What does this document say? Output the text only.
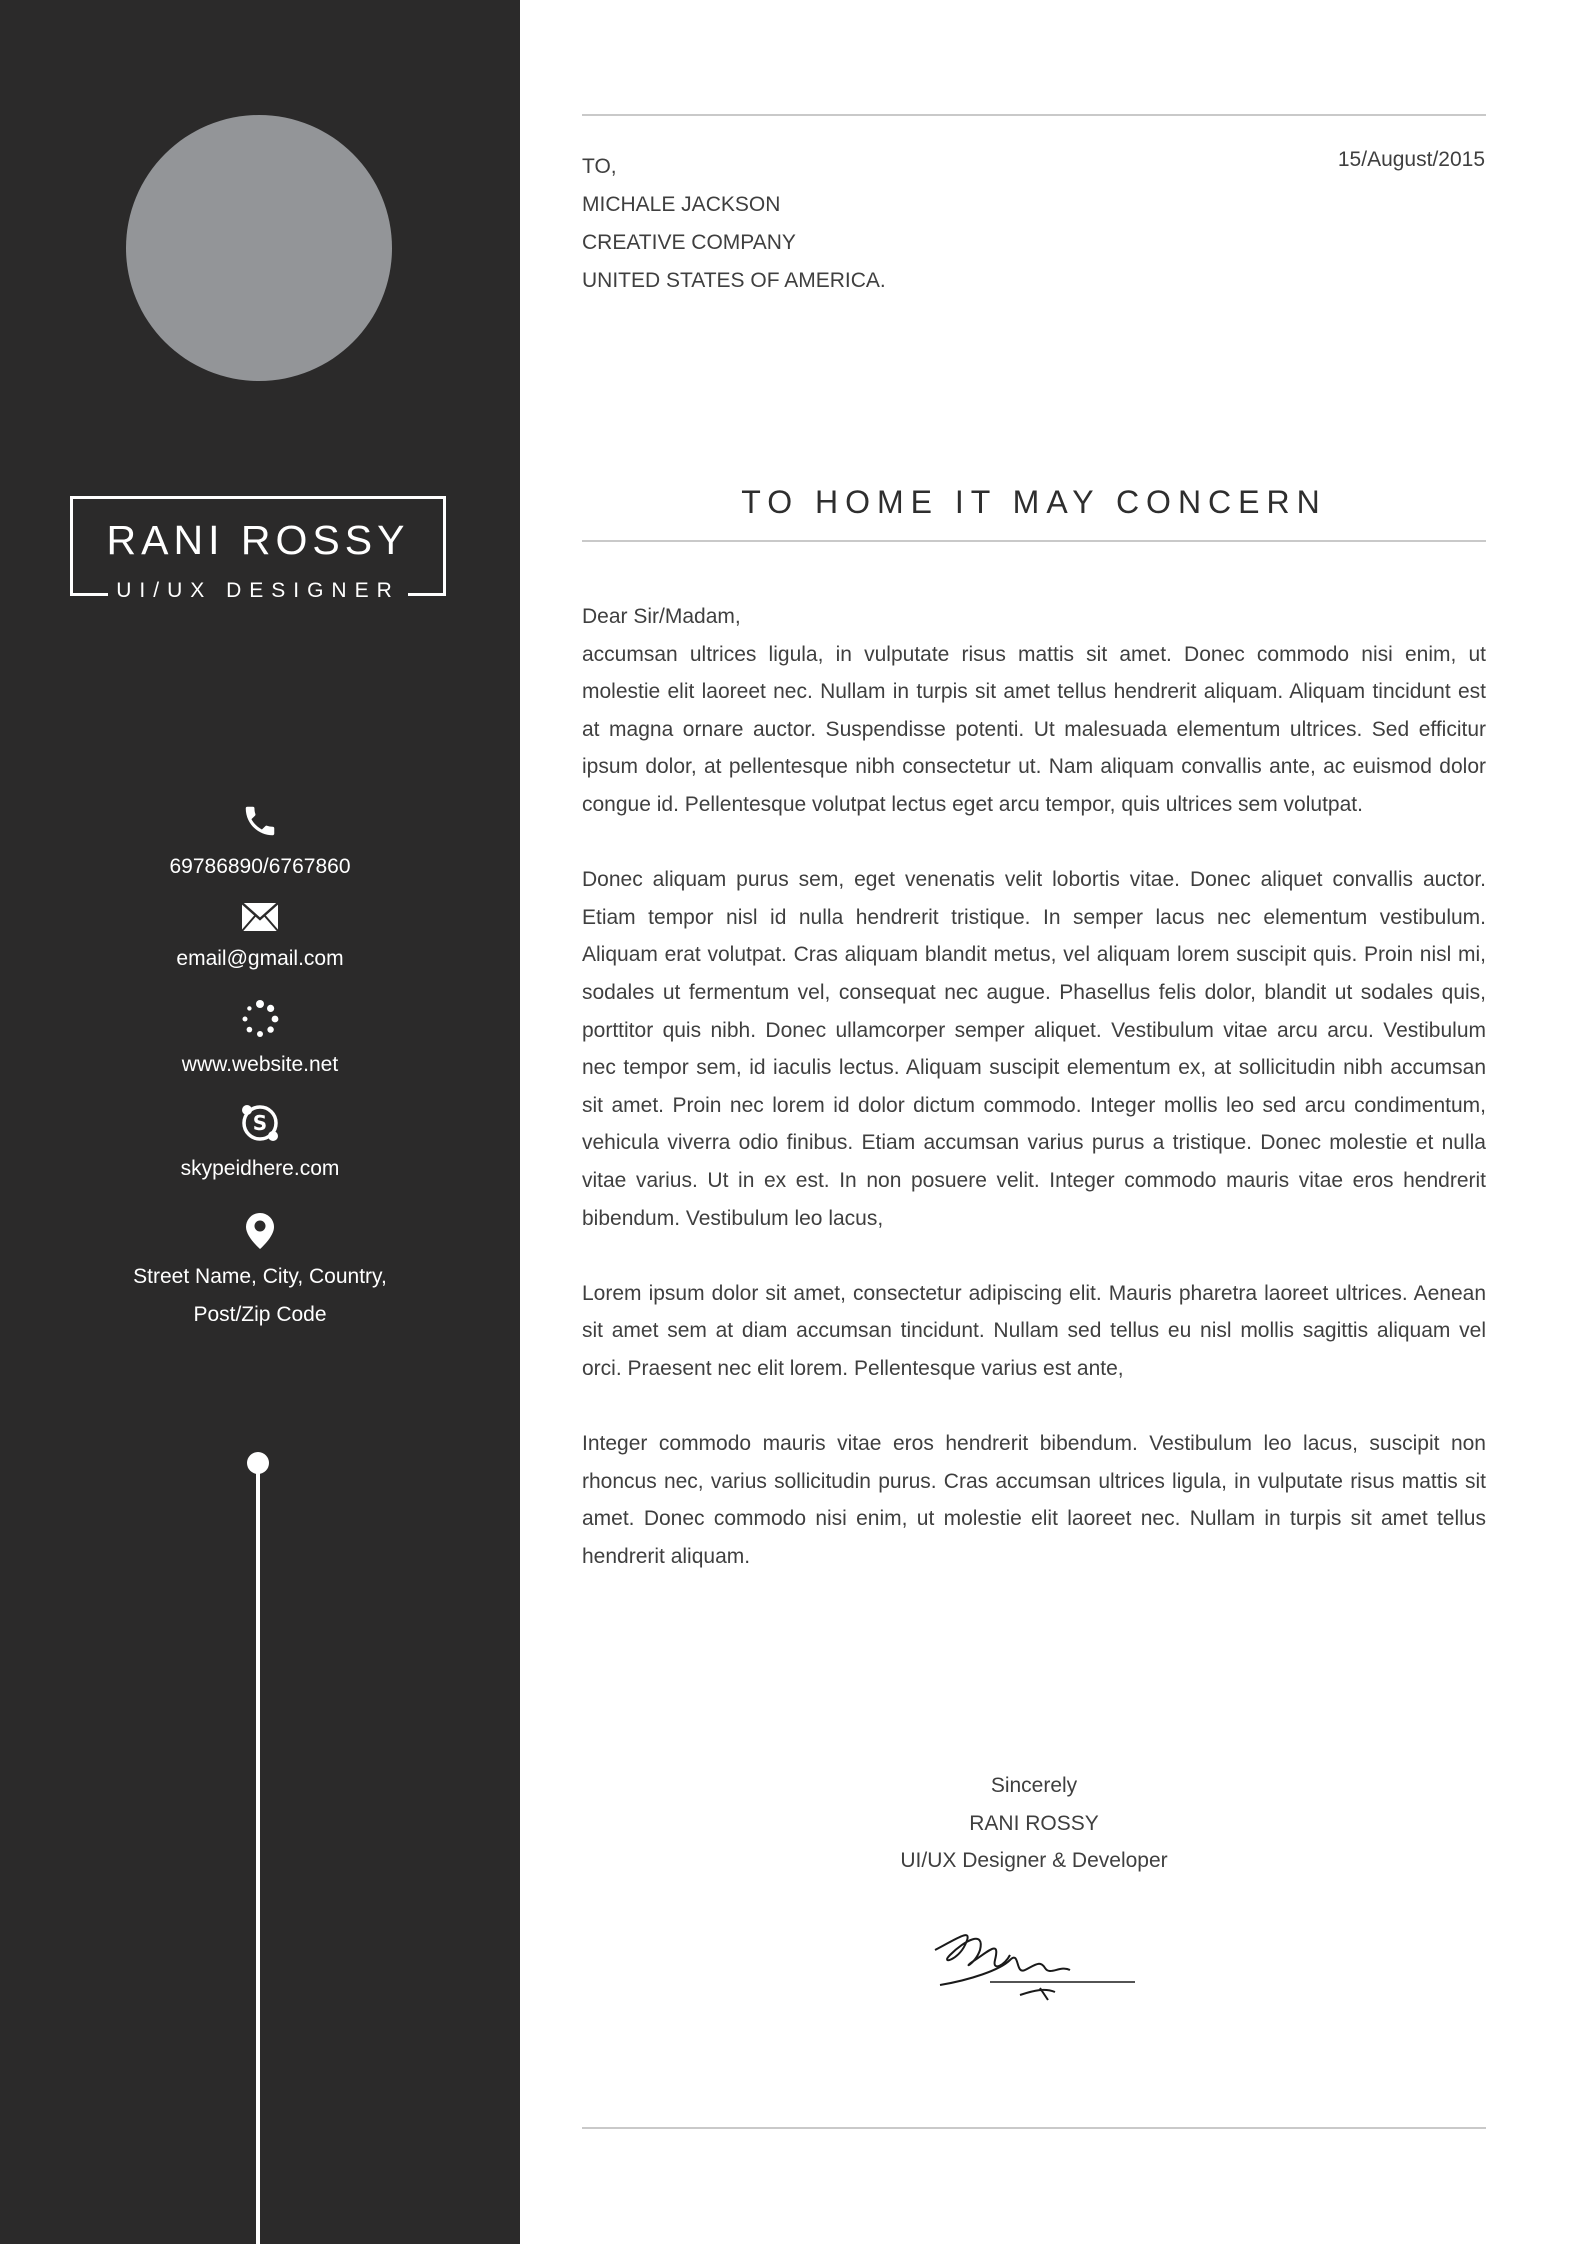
RANI ROSSY
UI/UX DESIGNER
69786890/6767860
email@gmail.com
www.website.net
S
skypeidhere.com
Street Name, City, Country,
Post/Zip Code
TO,
MICHALE JACKSON
CREATIVE COMPANY
UNITED STATES OF AMERICA.
15/August/2015
TO HOME IT MAY CONCERN

Dear Sir/Madam,

accumsan ultrices ligula, in vulputate risus mattis sit amet. Donec commodo nisi enim, ut molestie elit laoreet nec. Nullam in turpis sit amet tellus hendrerit aliquam. Aliquam tincidunt est at magna ornare auctor. Suspendisse potenti. Ut malesuada elementum ultrices. Sed efficitur ipsum dolor, at pellentesque nibh consectetur ut. Nam aliquam convallis ante, ac euismod dolor congue id. Pellentesque volutpat lectus eget arcu tempor, quis ultrices sem volutpat.

Donec aliquam purus sem, eget venenatis velit lobortis vitae. Donec aliquet convallis auctor. Etiam tempor nisl id nulla hendrerit tristique. In semper lacus nec elementum vestibulum. Aliquam erat volutpat. Cras aliquam blandit metus, vel aliquam lorem suscipit quis. Proin nisl mi, sodales ut fermentum vel, consequat nec augue. Phasellus felis dolor, blandit ut sodales quis, porttitor quis nibh. Donec ullamcorper semper aliquet. Vestibulum vitae arcu arcu. Vestibulum nec tempor sem, id iaculis lectus. Aliquam suscipit elementum ex, at sollicitudin nibh accumsan sit amet. Proin nec lorem id dolor dictum commodo. Integer mollis leo sed arcu condimentum, vehicula viverra odio finibus. Etiam accumsan varius purus a tristique. Donec molestie et nulla vitae varius. Ut in ex est. In non posuere velit. Integer commodo mauris vitae eros hendrerit bibendum. Vestibulum leo lacus,

Lorem ipsum dolor sit amet, consectetur adipiscing elit. Mauris pharetra laoreet ultrices. Aenean sit amet sem at diam accumsan tincidunt. Nullam sed tellus eu nisl mollis sagittis aliquam vel orci. Praesent nec elit lorem. Pellentesque varius est ante,

Integer commodo mauris vitae eros hendrerit bibendum. Vestibulum leo lacus, suscipit non rhoncus nec, varius sollicitudin purus. Cras accumsan ultrices ligula, in vulputate risus mattis sit amet. Donec commodo nisi enim, ut molestie elit laoreet nec. Nullam in turpis sit amet tellus hendrerit aliquam.

Sincerely
RANI ROSSY
UI/UX Designer & Developer
